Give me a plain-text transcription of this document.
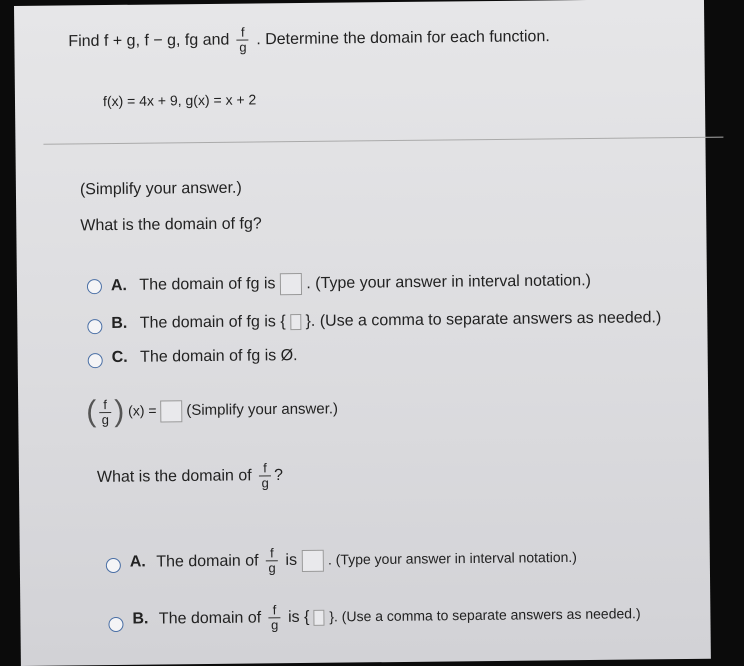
Find f + g, f − g, fg and $\frac{f}{g}$ . Determine the domain for each function.
f(x) = 4x + 9, g(x) = x + 2
(Simplify your answer.)
What is the domain of fg?
A. The domain of fg is . (Type your answer in interval notation.)
B. The domain of fg is { }. (Use a comma to separate answers as needed.)
C. The domain of fg is Ø.
( $\frac{f}{g}$ ) (x) = (Simplify your answer.)
What is the domain of $\frac{f}{g}$ ?
A. The domain of $\frac{f}{g}$ is . (Type your answer in interval notation.)
B. The domain of $\frac{f}{g}$ is { }. (Use a comma to separate answers as needed.)
